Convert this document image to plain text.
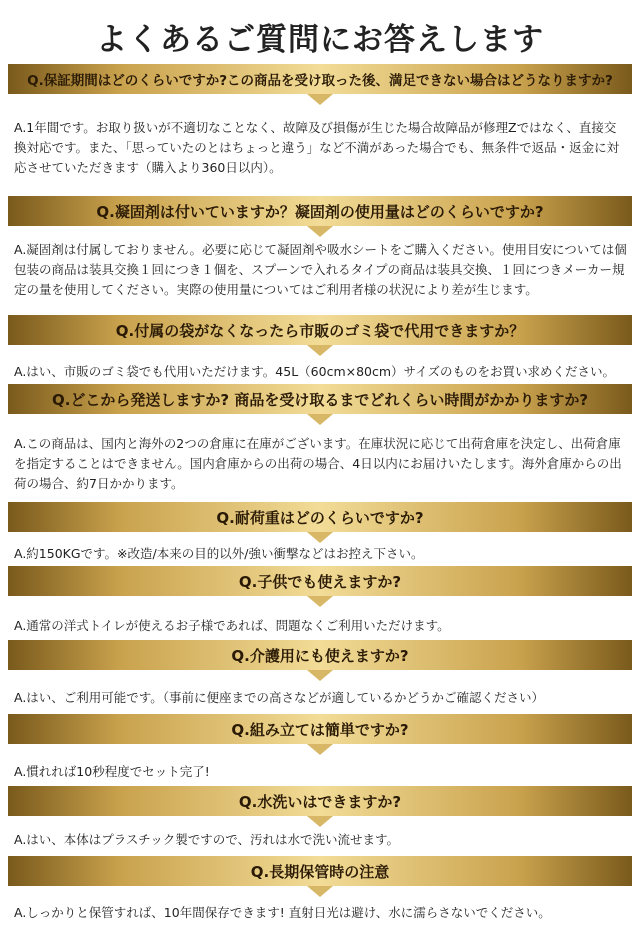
よくあるご質問にお答えします
Q.保証期間はどのくらいですか?この商品を受け取った後、満足できない場合はどうなりますか?

A.1年間です。お取り扱いが不適切なことなく、故障及び損傷が生じた場合故障品が修理Zではなく、直接交換対応です。また、「思っていたのとはちょっと違う」など不満があった場合でも、無条件で返品・返金に対応させていただきます（購入より360日以内）。

Q.凝固剤は付いていますか？凝固剤の使用量はどのくらいですか?

A.凝固剤は付属しておりません。必要に応じて凝固剤や吸水シートをご購入ください。使用目安については個包装の商品は装具交換１回につき１個を、スプーンで入れるタイプの商品は装具交換、１回につきメーカー規定の量を使用してください。実際の使用量についてはご利用者様の状況により差が生じます。

Q.付属の袋がなくなったら市販のゴミ袋で代用できますか？

A.はい、市販のゴミ袋でも代用いただけます。45L（60cm×80cm）サイズのものをお買い求めください。

Q.どこから発送しますか? 商品を受け取るまでどれくらい時間がかかりますか?

A.この商品は、国内と海外の2つの倉庫に在庫がございます。在庫状況に応じて出荷倉庫を決定し、出荷倉庫を指定することはできません。国内倉庫からの出荷の場合、4日以内にお届けいたします。海外倉庫からの出荷の場合、約7日かかります。

Q.耐荷重はどのくらいですか?

A.約150KGです。※改造/本来の目的以外/強い衝撃などはお控え下さい。

Q.子供でも使えますか?

A.通常の洋式トイレが使えるお子様であれば、問題なくご利用いただけます。

Q.介護用にも使えますか?

A.はい、ご利用可能です。（事前に便座までの高さなどが適しているかどうかご確認ください）

Q.組み立ては簡単ですか?

A.慣れれば10秒程度でセット完了!

Q.水洗いはできますか?

A.はい、本体はプラスチック製ですので、汚れは水で洗い流せます。

Q.長期保管時の注意

A.しっかりと保管すれば、10年間保存できます! 直射日光は避け、水に濡らさないでください。
